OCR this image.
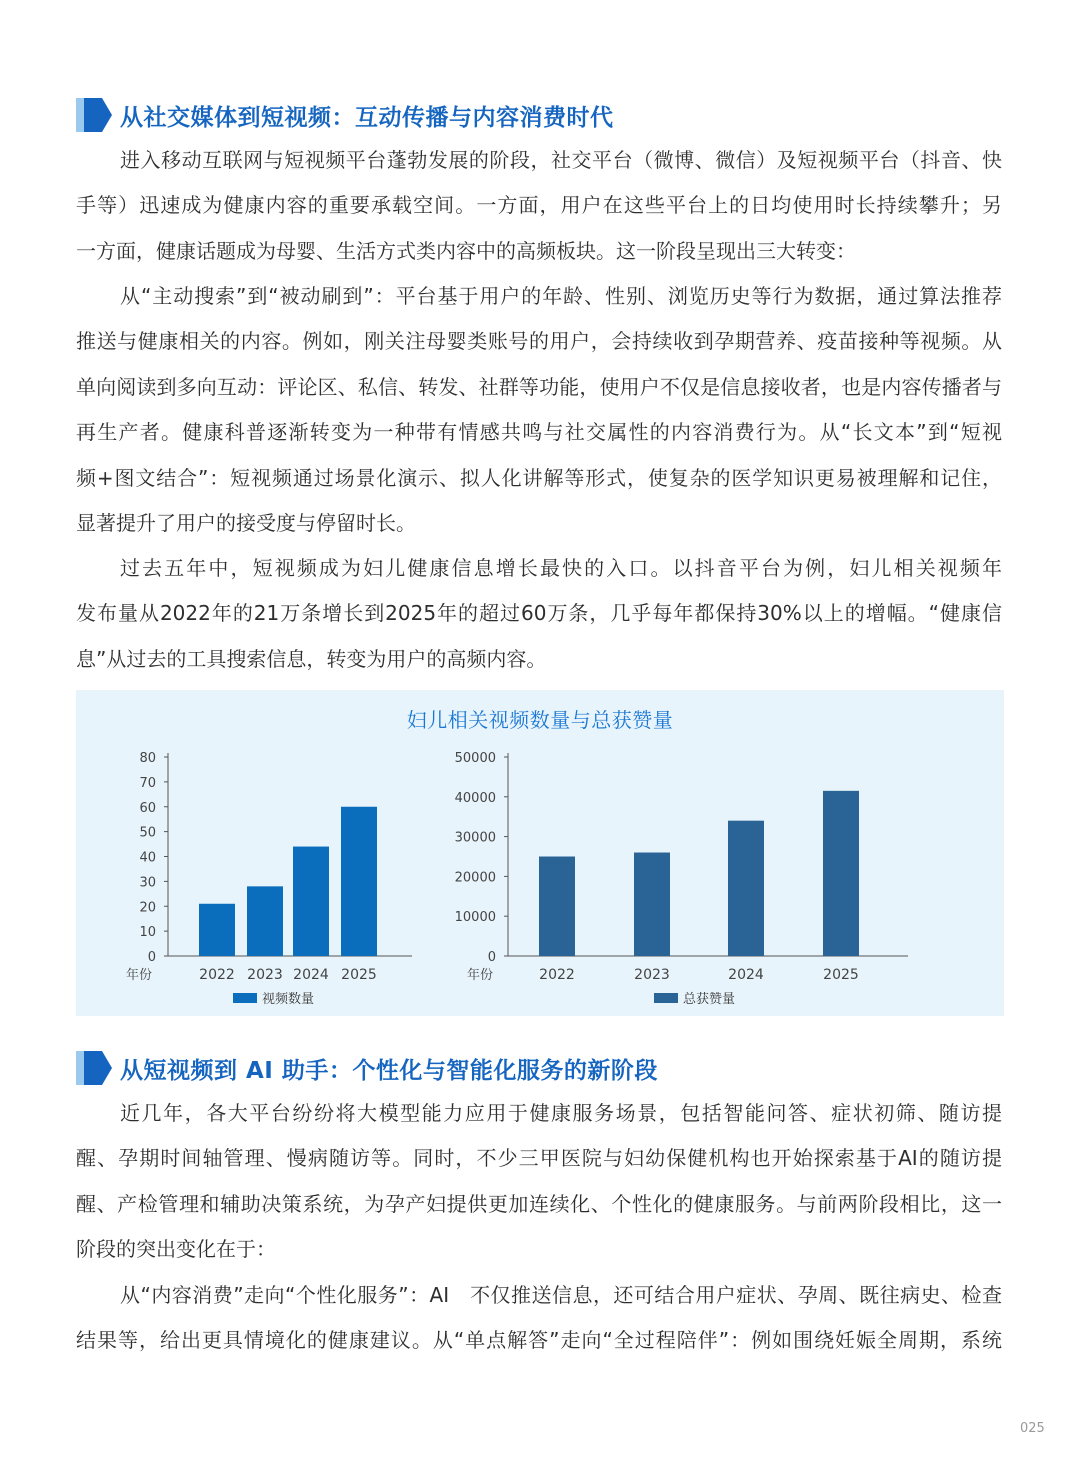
从社交媒体到短视频：互动传播与内容消费时代
进入移动互联网与短视频平台蓬勃发展的阶段，社交平台（微博、微信）及短视频平台（抖音、快
手等）迅速成为健康内容的重要承载空间。一方面，用户在这些平台上的日均使用时长持续攀升；另
一方面，健康话题成为母婴、生活方式类内容中的高频板块。这一阶段呈现出三大转变：
从“主动搜索”到“被动刷到”：平台基于用户的年龄、性别、浏览历史等行为数据，通过算法推荐
推送与健康相关的内容。例如，刚关注母婴类账号的用户，会持续收到孕期营养、疫苗接种等视频。从
单向阅读到多向互动：评论区、私信、转发、社群等功能，使用户不仅是信息接收者，也是内容传播者与
再生产者。健康科普逐渐转变为一种带有情感共鸣与社交属性的内容消费行为。从“长文本”到“短视
频+图文结合”：短视频通过场景化演示、拟人化讲解等形式，使复杂的医学知识更易被理解和记住，
显著提升了用户的接受度与停留时长。
过去五年中，短视频成为妇儿健康信息增长最快的入口。以抖音平台为例，妇儿相关视频年
发布量从2022年的21万条增长到2025年的超过60万条，几乎每年都保持30%以上的增幅。“健康信
息”从过去的工具搜索信息，转变为用户的高频内容。
妇儿相关视频数量与总获赞量
0
10
20
30
40
50
60
70
80
2022 2023 2024 2025
年份
视频数量
0
10000
20000
30000
40000
50000
2022	2023	2024	2025
年份
总获赞量
从短视频到 AI 助手：个性化与智能化服务的新阶段
近几年，各大平台纷纷将大模型能力应用于健康服务场景，包括智能问答、症状初筛、随访提
醒、孕期时间轴管理、慢病随访等。同时，不少三甲医院与妇幼保健机构也开始探索基于AI的随访提
醒、产检管理和辅助决策系统，为孕产妇提供更加连续化、个性化的健康服务。与前两阶段相比，这一
阶段的突出变化在于：
从“内容消费”走向“个性化服务”：AI　不仅推送信息，还可结合用户症状、孕周、既往病史、检查
结果等，给出更具情境化的健康建议。从“单点解答”走向“全过程陪伴”：例如围绕妊娠全周期，系统
025
